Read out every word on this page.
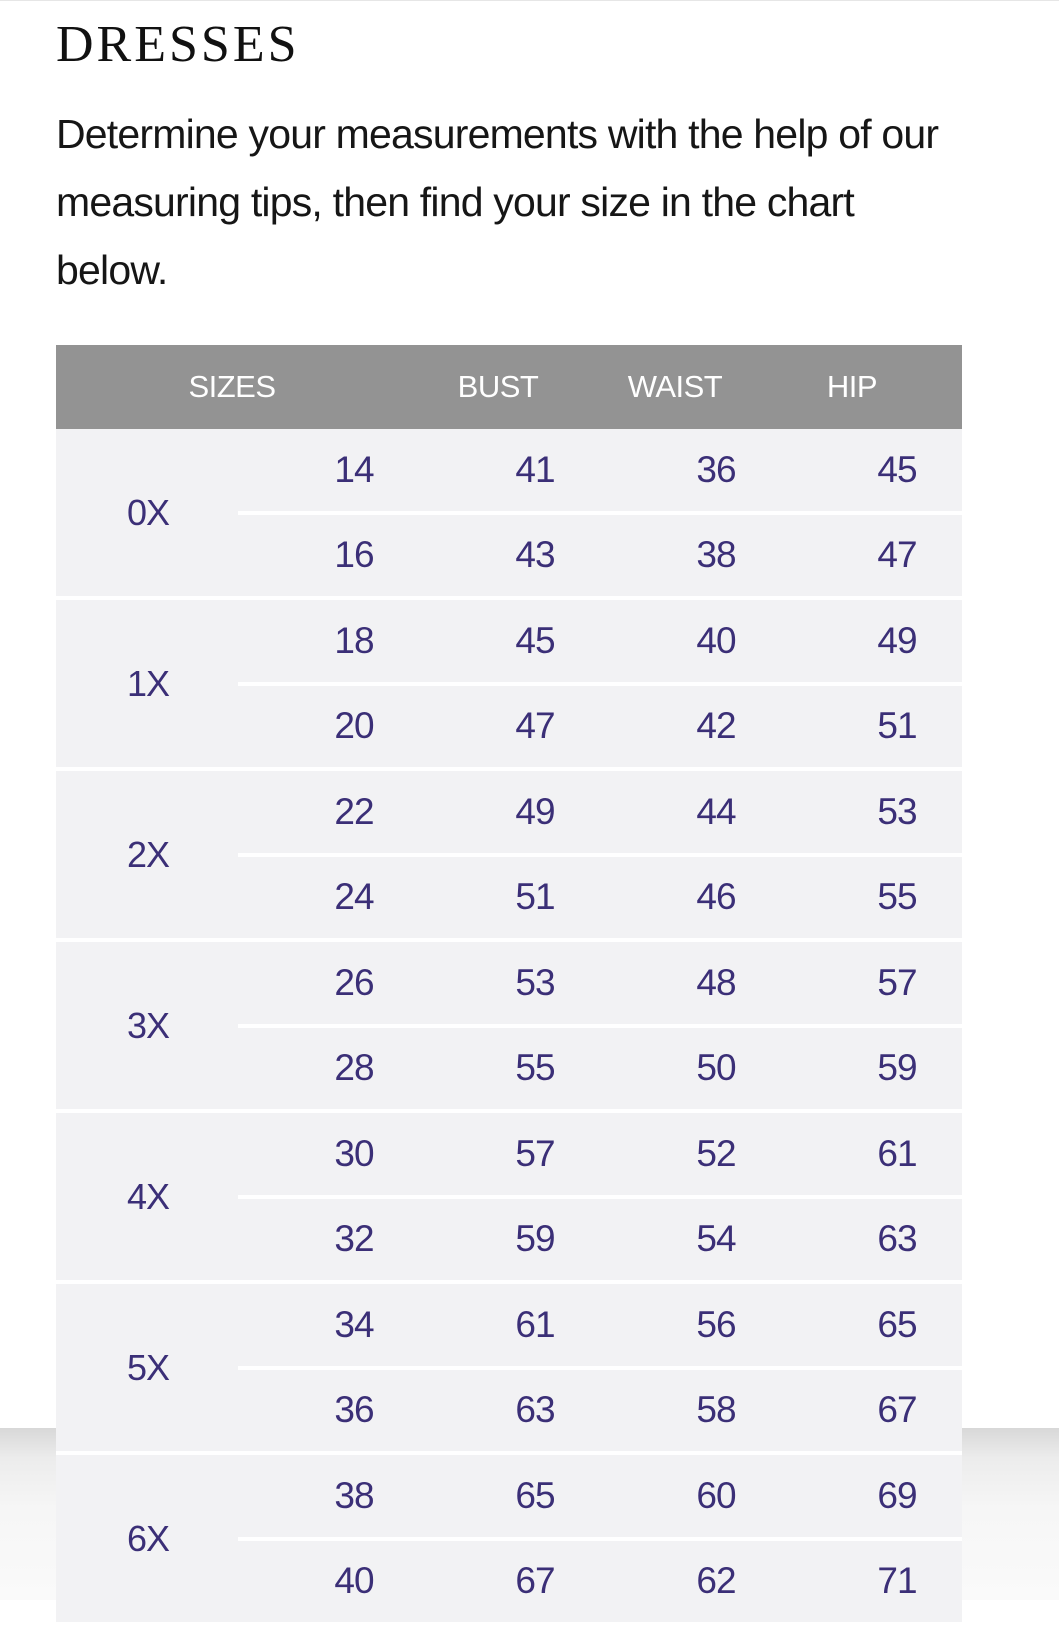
DRESSES

Determine your measurements with the help of our measuring tips, then find your size in the chart below.

SIZES	BUST	WAIST	HIP
0X
14	41	36	45
16	43	38	47
1X
18	45	40	49
20	47	42	51
2X
22	49	44	53
24	51	46	55
3X
26	53	48	57
28	55	50	59
4X
30	57	52	61
32	59	54	63
5X
34	61	56	65
36	63	58	67
6X
38	65	60	69
40	67	62	71
